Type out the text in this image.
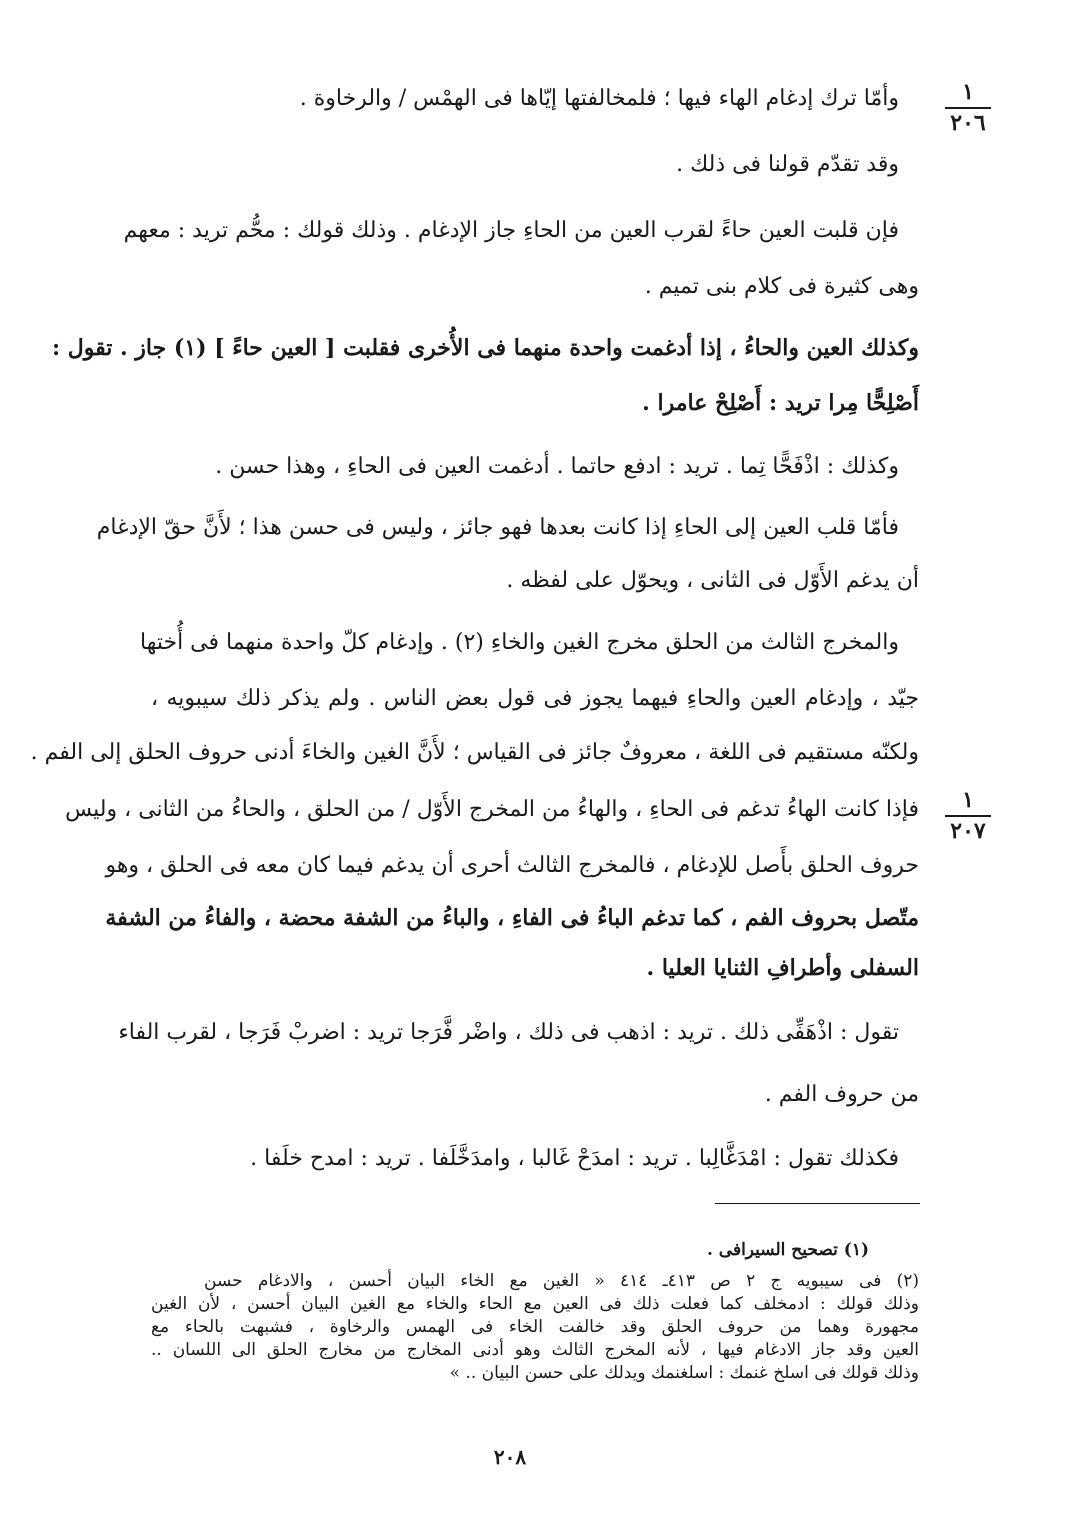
١
٢٠٦
١
٢٠٧
وأمّا ترك إدغام الهاء فيها ؛ فلمخالفتها إيّاها فى الهمْس / والرخاوة .
وقد تقدّم قولنا فى ذلك .
فإن قلبت العين حاءً لقرب العين من الحاءِ جاز الإدغام . وذلك قولك : محُّم تريد : معهم
وهى كثيرة فى كلام بنى تميم .
وكذلك العين والحاءُ ، إذا أدغمت واحدة منهما فى الأُخرى فقلبت [ العين حاءً ] (١) جاز . تقول :
أَصْلِحًّا مِرا تريد : أَصْلِحْ عامرا .
وكذلك : اذْفَحًّا تِما . تريد : ادفع حاتما . أدغمت العين فى الحاءِ ، وهذا حسن .
فأمّا قلب العين إلى الحاءِ إذا كانت بعدها فهو جائز ، وليس فى حسن هذا ؛ لأَنَّ حقّ الإدغام
أن يدغم الأَوّل فى الثانى ، ويحوّل على لفظه .
والمخرج الثالث من الحلق مخرج الغين والخاءِ (٢) . وإدغام كلّ واحدة منهما فى أُختها
جيّد ، وإدغام العين والحاءِ فيهما يجوز فى قول بعض الناس . ولم يذكر ذلك سيبويه ،
ولكنّه مستقيم فى اللغة ، معروفٌ جائز فى القياس ؛ لأَنَّ الغين والخاءَ أدنى حروف الحلق إلى الفم .
فإذا كانت الهاءُ تدغم فى الحاءِ ، والهاءُ من المخرج الأَوّل / من الحلق ، والحاءُ من الثانى ، وليس
حروف الحلق بأَصل للإدغام ، فالمخرج الثالث أحرى أن يدغم فيما كان معه فى الحلق ، وهو
متّصل بحروف الفم ، كما تدغم الباءُ فى الفاءِ ، والباءُ من الشفة محضة ، والفاءُ من الشفة
السفلى وأطرافِ الثنايا العليا .
تقول : اذْهَفِّى ذلك . تريد : اذهب فى ذلك ، واضْر فَّرَجا تريد : اضربْ فَرَجا ، لقرب الفاء
من حروف الفم .
فكذلك تقول : امْدَغَّالِبا . تريد : امدَحْ غَالبا ، وامدَخَّلَفا . تريد : امدح خلَفا .
(١) تصحيح السيرافى .
(٢) فى سيبويه ج ٢ ص ٤١٣ـ ٤١٤ « الغين مع الخاء البيان أحسن ، والادغام حسن
وذلك قولك : ادمخلف كما فعلت ذلك فى العين مع الحاء والخاء مع الغين البيان أحسن ، لأن الغين
مجهورة وهما من حروف الحلق وقد خالفت الخاء فى الهمس والرخاوة ، فشبهت بالحاء مع
العين وقد جاز الادغام فيها ، لأنه المخرج الثالث وهو أدنى المخارج من مخارج الحلق الى اللسان ..
وذلك قولك فى اسلخ غنمك : اسلغنمك ويدلك على حسن البيان .. »
٢٠٨
